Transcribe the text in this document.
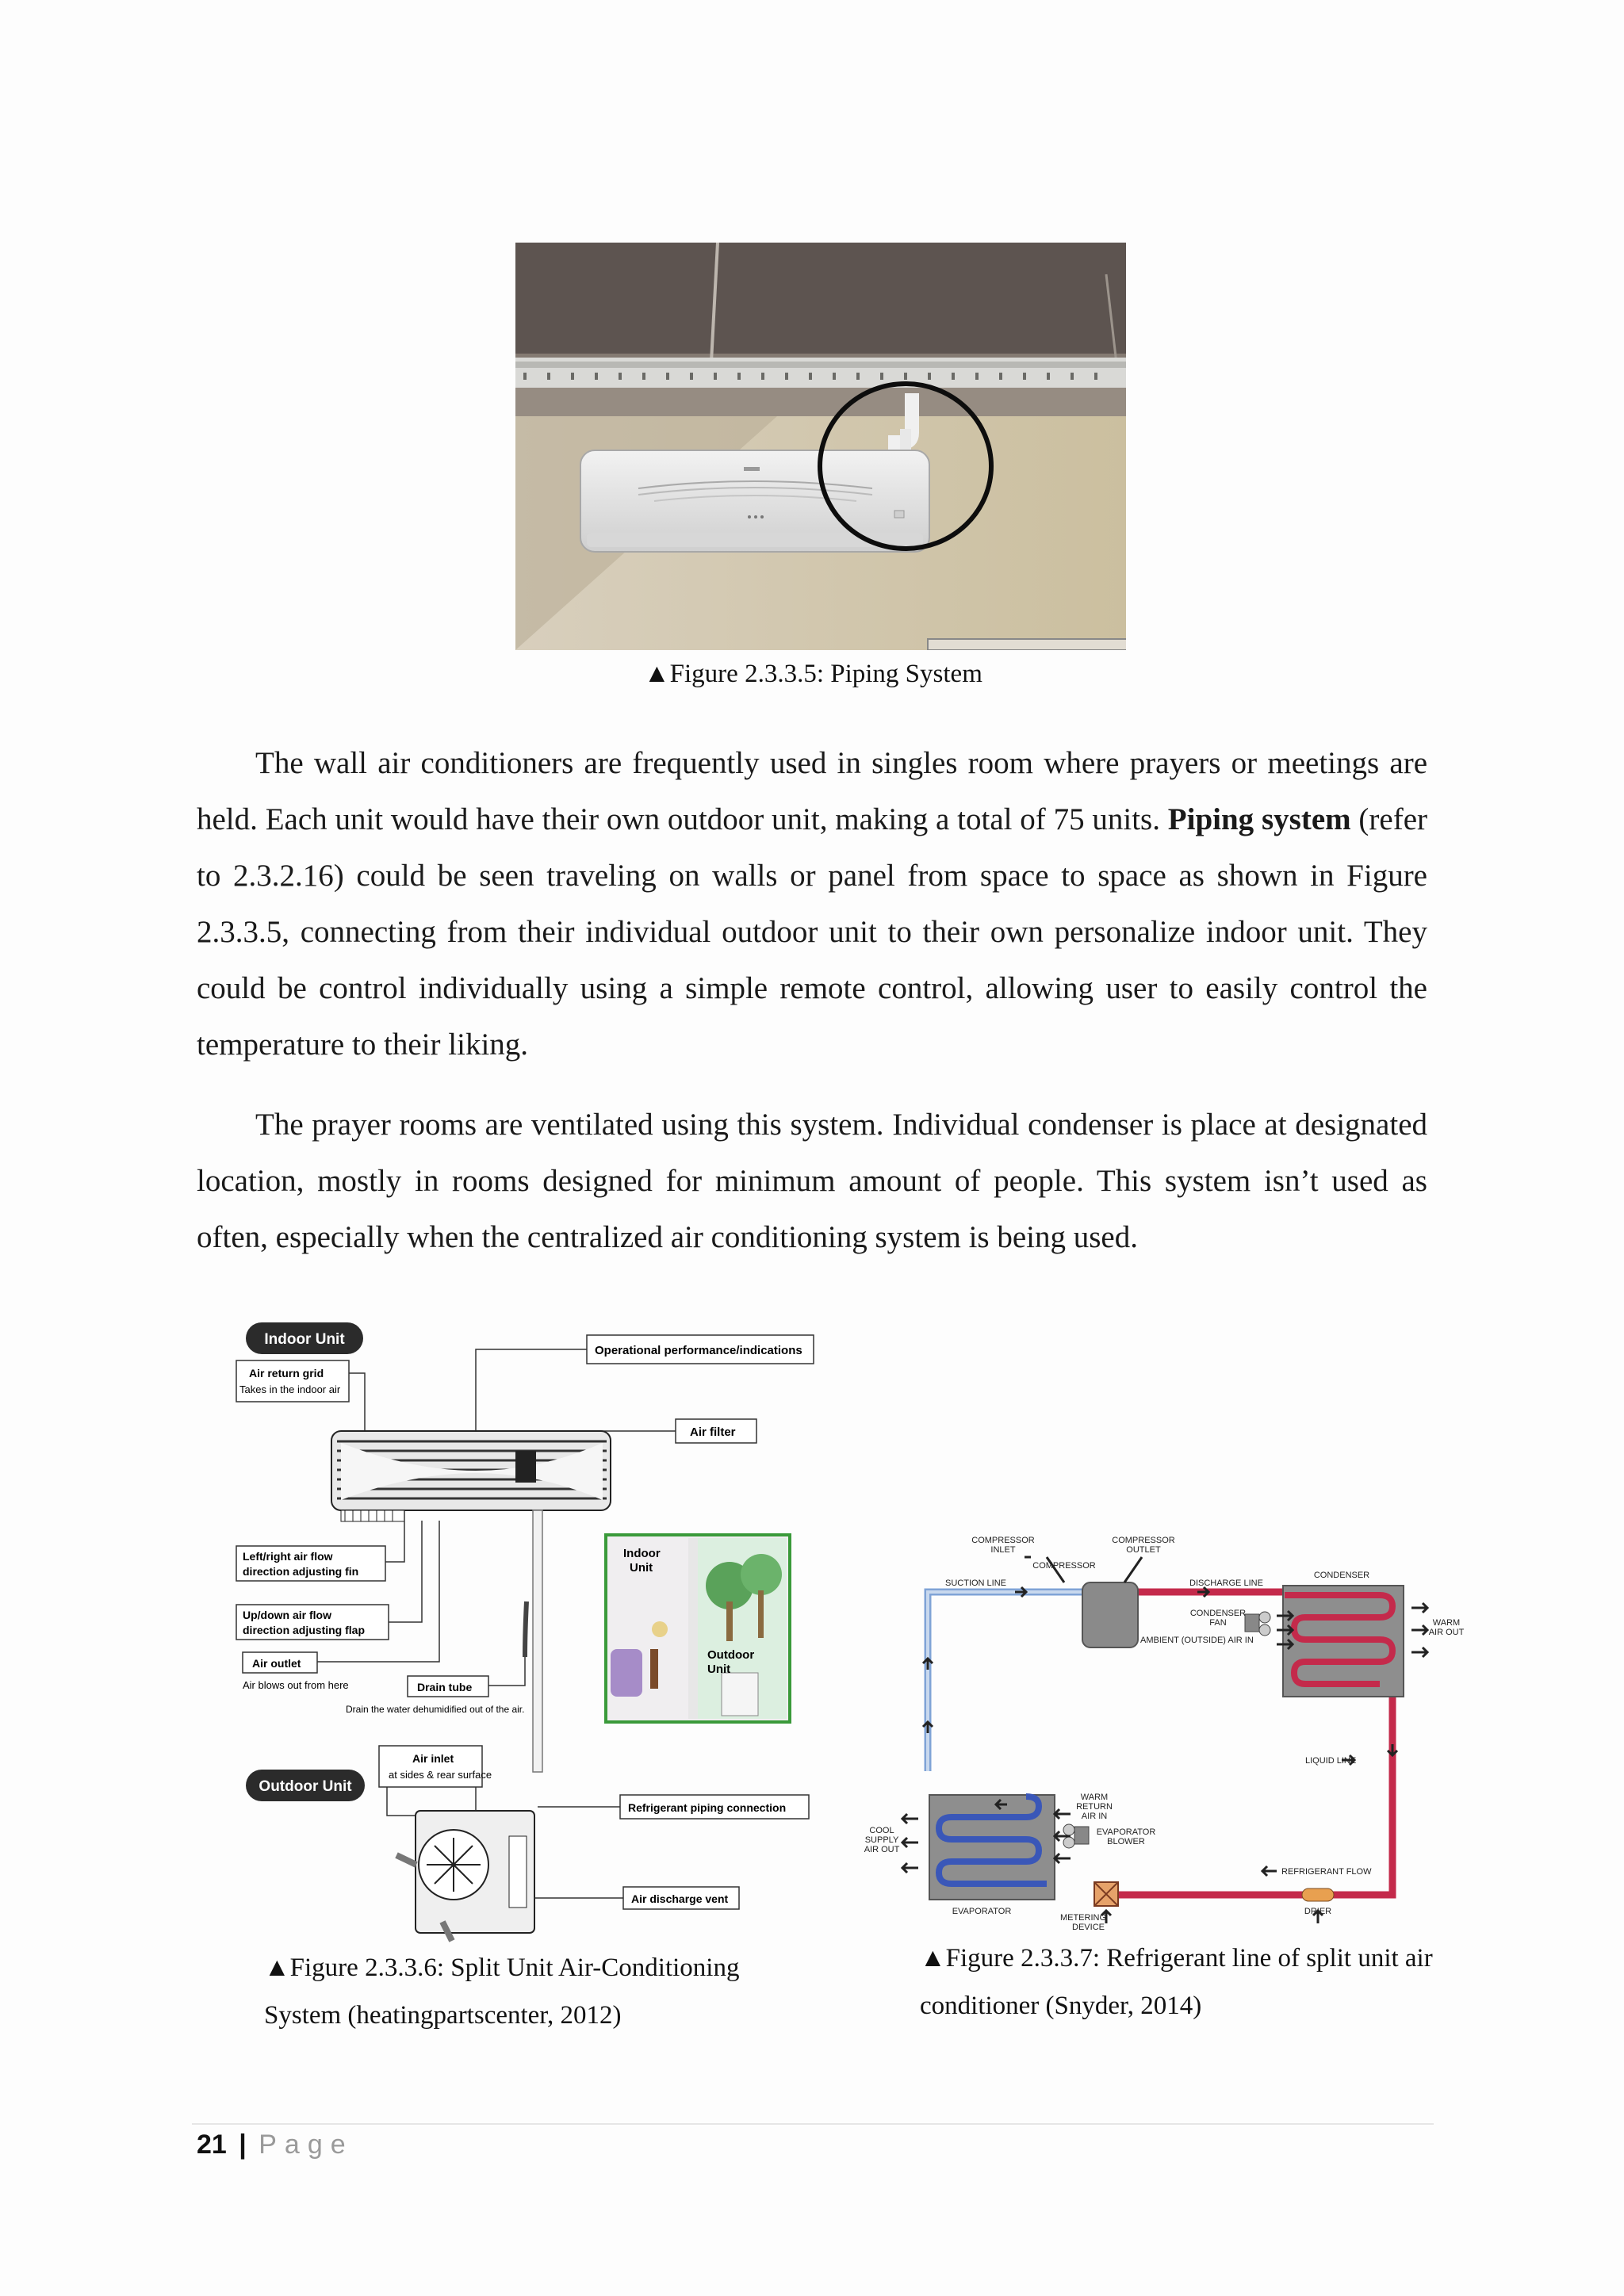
▲Figure 2.3.3.5: Piping System
The wall air conditioners are frequently used in singles room where prayers or meetings are held. Each unit would have their own outdoor unit, making a total of 75 units. Piping system (refer to 2.3.2.16) could be seen traveling on walls or panel from space to space as shown in Figure 2.3.3.5, connecting from their individual outdoor unit to their own personalize indoor unit. They could be control individually using a simple remote control, allowing user to easily control the temperature to their liking.
The prayer rooms are ventilated using this system. Individual condenser is place at designated location, mostly in rooms designed for minimum amount of people. This system isn’t used as often, especially when the centralized air conditioning system is being used.
Indoor Unit
Air return grid
Takes in the indoor air
Operational performance/indications
Air filter
Left/right air flow
direction adjusting fin
Up/down air flow
direction adjusting flap
Air outlet
Air blows out from here	Drain tube
Drain the water dehumidified out of the air.
Indoor
Unit
Outdoor
Unit
Outdoor Unit
Air inlet
at sides & rear surface
Refrigerant piping connection
Air discharge vent
▲Figure 2.3.3.6: Split Unit Air-Conditioning
System (heatingpartscenter, 2012)
COMPRESSOR
INLET
COMPRESSOR
OUTLET
COMPRESSOR
SUCTION LINE	DISCHARGE LINE
CONDENSER
CONDENSER
FAN
AMBIENT (OUTSIDE) AIR IN
WARM
AIR OUT
LIQUID LINE
WARM
RETURN
AIR IN
EVAPORATOR
BLOWER
COOL
SUPPLY
AIR OUT
REFRIGERANT FLOW
EVAPORATOR
METERING
DEVICE
DRIER
▲Figure 2.3.3.7: Refrigerant line of split unit air
conditioner (Snyder, 2014)
21 | Page
